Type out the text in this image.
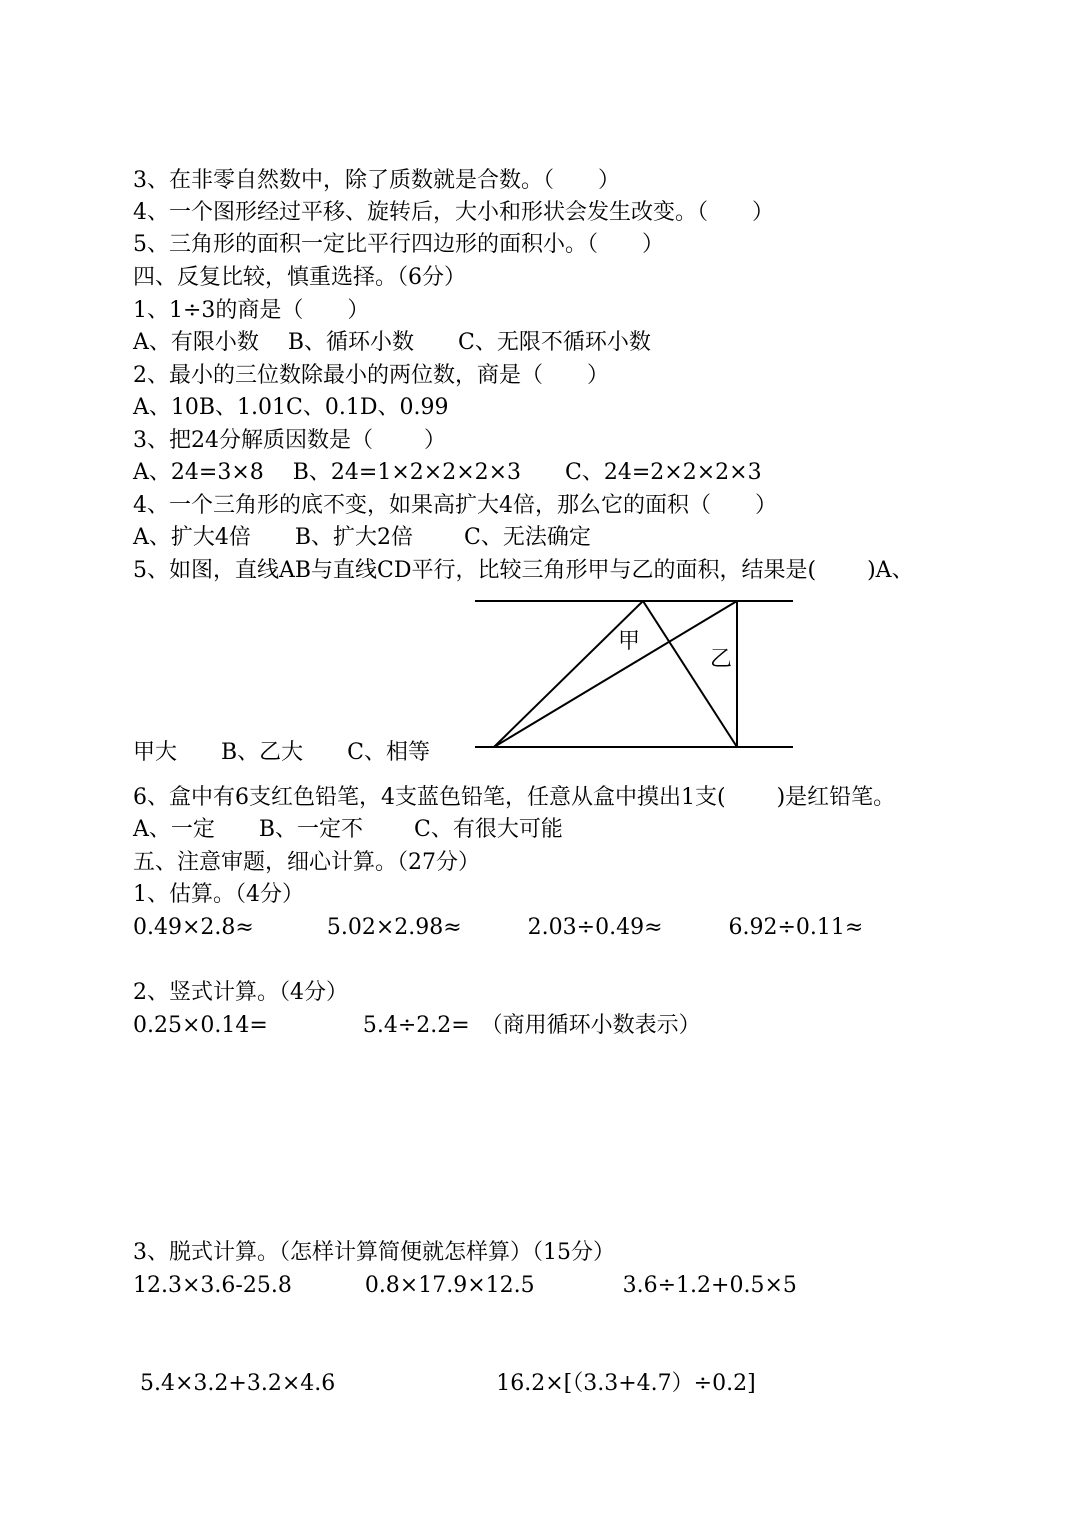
3、在非零自然数中，除了质数就是合数。（　　）
4、一个图形经过平移、旋转后，大小和形状会发生改变。（　　）
5、三角形的面积一定比平行四边形的面积小。（　　）
四、反复比较，慎重选择。（6分）
1、1÷3的商是（　　）
A、有限小数　 B、循环小数　　C、无限不循环小数
2、最小的三位数除最小的两位数，商是（　　）
A、10B、1.01C、0.1D、0.99
3、把24分解质因数是（　　 ）
A、24=3×8　 B、24=1×2×2×2×3　　C、24=2×2×2×3
4、一个三角形的底不变，如果高扩大4倍，那么它的面积（　　）
A、扩大4倍　　B、扩大2倍　　 C、无法确定
5、如图，直线AB与直线CD平行，比较三角形甲与乙的面积，结果是(　　 )A、
甲
乙
甲大　　B、乙大　　C、相等
6、盒中有6支红色铅笔，4支蓝色铅笔，任意从盒中摸出1支(　　 )是红铅笔。
A、一定　　B、一定不　　 C、有很大可能
五、注意审题，细心计算。（27分）
1、估算。（4分）
0.49×2.8≈　　　 5.02×2.98≈　　　2.03÷0.49≈　　　6.92÷0.11≈
2、竖式计算。（4分）
0.25×0.14=　　　　 5.4÷2.2=　（商用循环小数表示）
3、脱式计算。（怎样计算简便就怎样算）（15分）
12.3×3.6-25.8　　　 0.8×17.9×12.5　　　　3.6÷1.2+0.5×5
5.4×3.2+3.2×4.6　　　　　　　 16.2×[（3.3+4.7）÷0.2]
